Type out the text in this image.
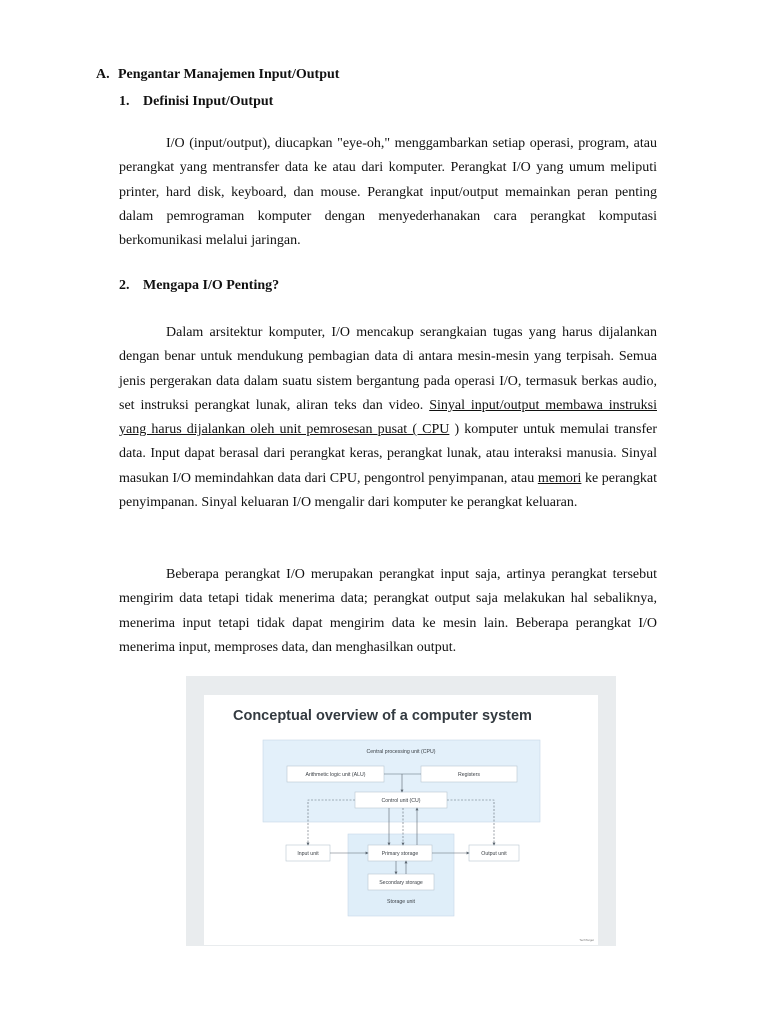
A. Pengantar Manajemen Input/Output
1. Definisi Input/Output

I/O (input/output), diucapkan "eye-oh," menggambarkan setiap operasi, program, atau perangkat yang mentransfer data ke atau dari komputer. Perangkat I/O yang umum meliputi printer, hard disk, keyboard, dan mouse. Perangkat input/output memainkan peran penting dalam pemrograman komputer dengan menyederhanakan cara perangkat komputasi berkomunikasi melalui jaringan.

2. Mengapa I/O Penting?

Dalam arsitektur komputer, I/O mencakup serangkaian tugas yang harus dijalankan dengan benar untuk mendukung pembagian data di antara mesin-mesin yang terpisah. Semua jenis pergerakan data dalam suatu sistem bergantung pada operasi I/O, termasuk berkas audio, set instruksi perangkat lunak, aliran teks dan video. Sinyal input/output membawa instruksi yang harus dijalankan oleh unit pemrosesan pusat ( CPU ) komputer untuk memulai transfer data. Input dapat berasal dari perangkat keras, perangkat lunak, atau interaksi manusia. Sinyal masukan I/O memindahkan data dari CPU, pengontrol penyimpanan, atau memori ke perangkat penyimpanan. Sinyal keluaran I/O mengalir dari komputer ke perangkat keluaran.

Beberapa perangkat I/O merupakan perangkat input saja, artinya perangkat tersebut mengirim data tetapi tidak menerima data; perangkat output saja melakukan hal sebaliknya, menerima input tetapi tidak dapat mengirim data ke mesin lain. Beberapa perangkat I/O menerima input, memproses data, dan menghasilkan output.

Conceptual overview of a computer system
Central processing unit (CPU)
Storage unit
Arithmetic logic unit (ALU)	Registers
Control unit (CU)
Input unit	Primary storage	Output unit
Secondary storage
TechTarget
